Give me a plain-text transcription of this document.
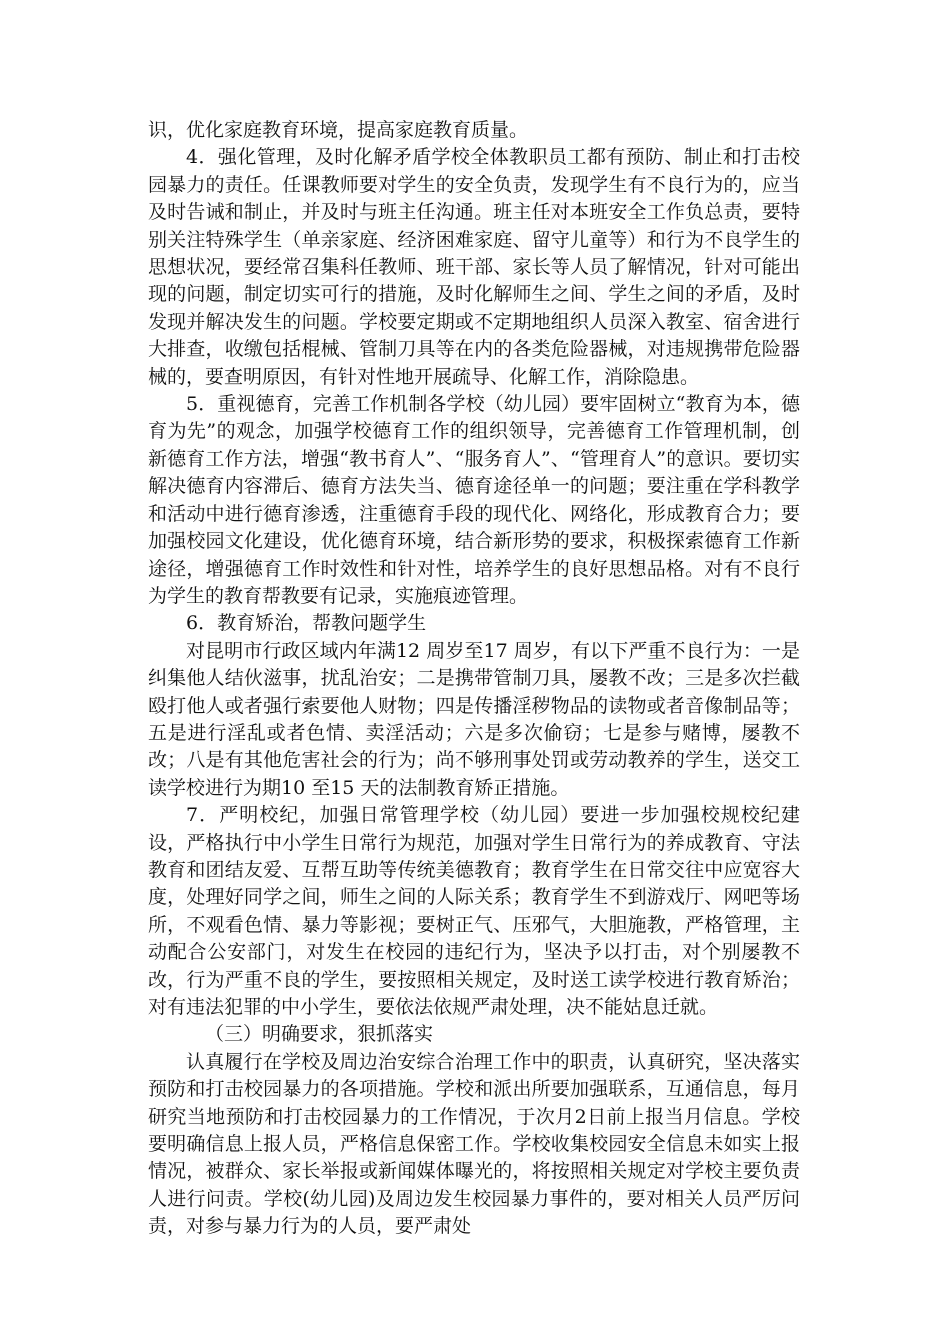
识，优化家庭教育环境，提高家庭教育质量。

4．强化管理，及时化解矛盾学校全体教职员工都有预防、制止和打击校园暴力的责任。任课教师要对学生的安全负责，发现学生有不良行为的，应当及时告诫和制止，并及时与班主任沟通。班主任对本班安全工作负总责，要特别关注特殊学生（单亲家庭、经济困难家庭、留守儿童等）和行为不良学生的思想状况，要经常召集科任教师、班干部、家长等人员了解情况，针对可能出现的问题，制定切实可行的措施，及时化解师生之间、学生之间的矛盾，及时发现并解决发生的问题。学校要定期或不定期地组织人员深入教室、宿舍进行大排查，收缴包括棍械、管制刀具等在内的各类危险器械，对违规携带危险器械的，要查明原因，有针对性地开展疏导、化解工作，消除隐患。

5．重视德育，完善工作机制各学校（幼儿园）要牢固树立“教育为本，德育为先”的观念，加强学校德育工作的组织领导，完善德育工作管理机制，创新德育工作方法，增强“教书育人”、“服务育人”、“管理育人”的意识。要切实解决德育内容滞后、德育方法失当、德育途径单一的问题；要注重在学科教学和活动中进行德育渗透，注重德育手段的现代化、网络化，形成教育合力；要加强校园文化建设，优化德育环境，结合新形势的要求，积极探索德育工作新途径，增强德育工作时效性和针对性，培养学生的良好思想品格。对有不良行为学生的教育帮教要有记录，实施痕迹管理。

6．教育矫治，帮教问题学生

对昆明市行政区域内年满12 周岁至17 周岁，有以下严重不良行为：一是纠集他人结伙滋事，扰乱治安；二是携带管制刀具，屡教不改；三是多次拦截殴打他人或者强行索要他人财物；四是传播淫秽物品的读物或者音像制品等；五是进行淫乱或者色情、卖淫活动；六是多次偷窃；七是参与赌博，屡教不改；八是有其他危害社会的行为；尚不够刑事处罚或劳动教养的学生，送交工读学校进行为期10 至15 天的法制教育矫正措施。

7．严明校纪，加强日常管理学校（幼儿园）要进一步加强校规校纪建设，严格执行中小学生日常行为规范，加强对学生日常行为的养成教育、守法教育和团结友爱、互帮互助等传统美德教育；教育学生在日常交往中应宽容大度，处理好同学之间，师生之间的人际关系；教育学生不到游戏厅、网吧等场所，不观看色情、暴力等影视；要树正气、压邪气，大胆施教，严格管理，主动配合公安部门，对发生在校园的违纪行为，坚决予以打击，对个别屡教不改，行为严重不良的学生，要按照相关规定，及时送工读学校进行教育矫治；对有违法犯罪的中小学生，要依法依规严肃处理，决不能姑息迁就。

（三）明确要求，狠抓落实

认真履行在学校及周边治安综合治理工作中的职责，认真研究，坚决落实预防和打击校园暴力的各项措施。学校和派出所要加强联系，互通信息，每月研究当地预防和打击校园暴力的工作情况，于次月2日前上报当月信息。学校要明确信息上报人员，严格信息保密工作。学校收集校园安全信息未如实上报情况，被群众、家长举报或新闻媒体曝光的，将按照相关规定对学校主要负责人进行问责。学校(幼儿园)及周边发生校园暴力事件的，要对相关人员严厉问责，对参与暴力行为的人员，要严肃处
